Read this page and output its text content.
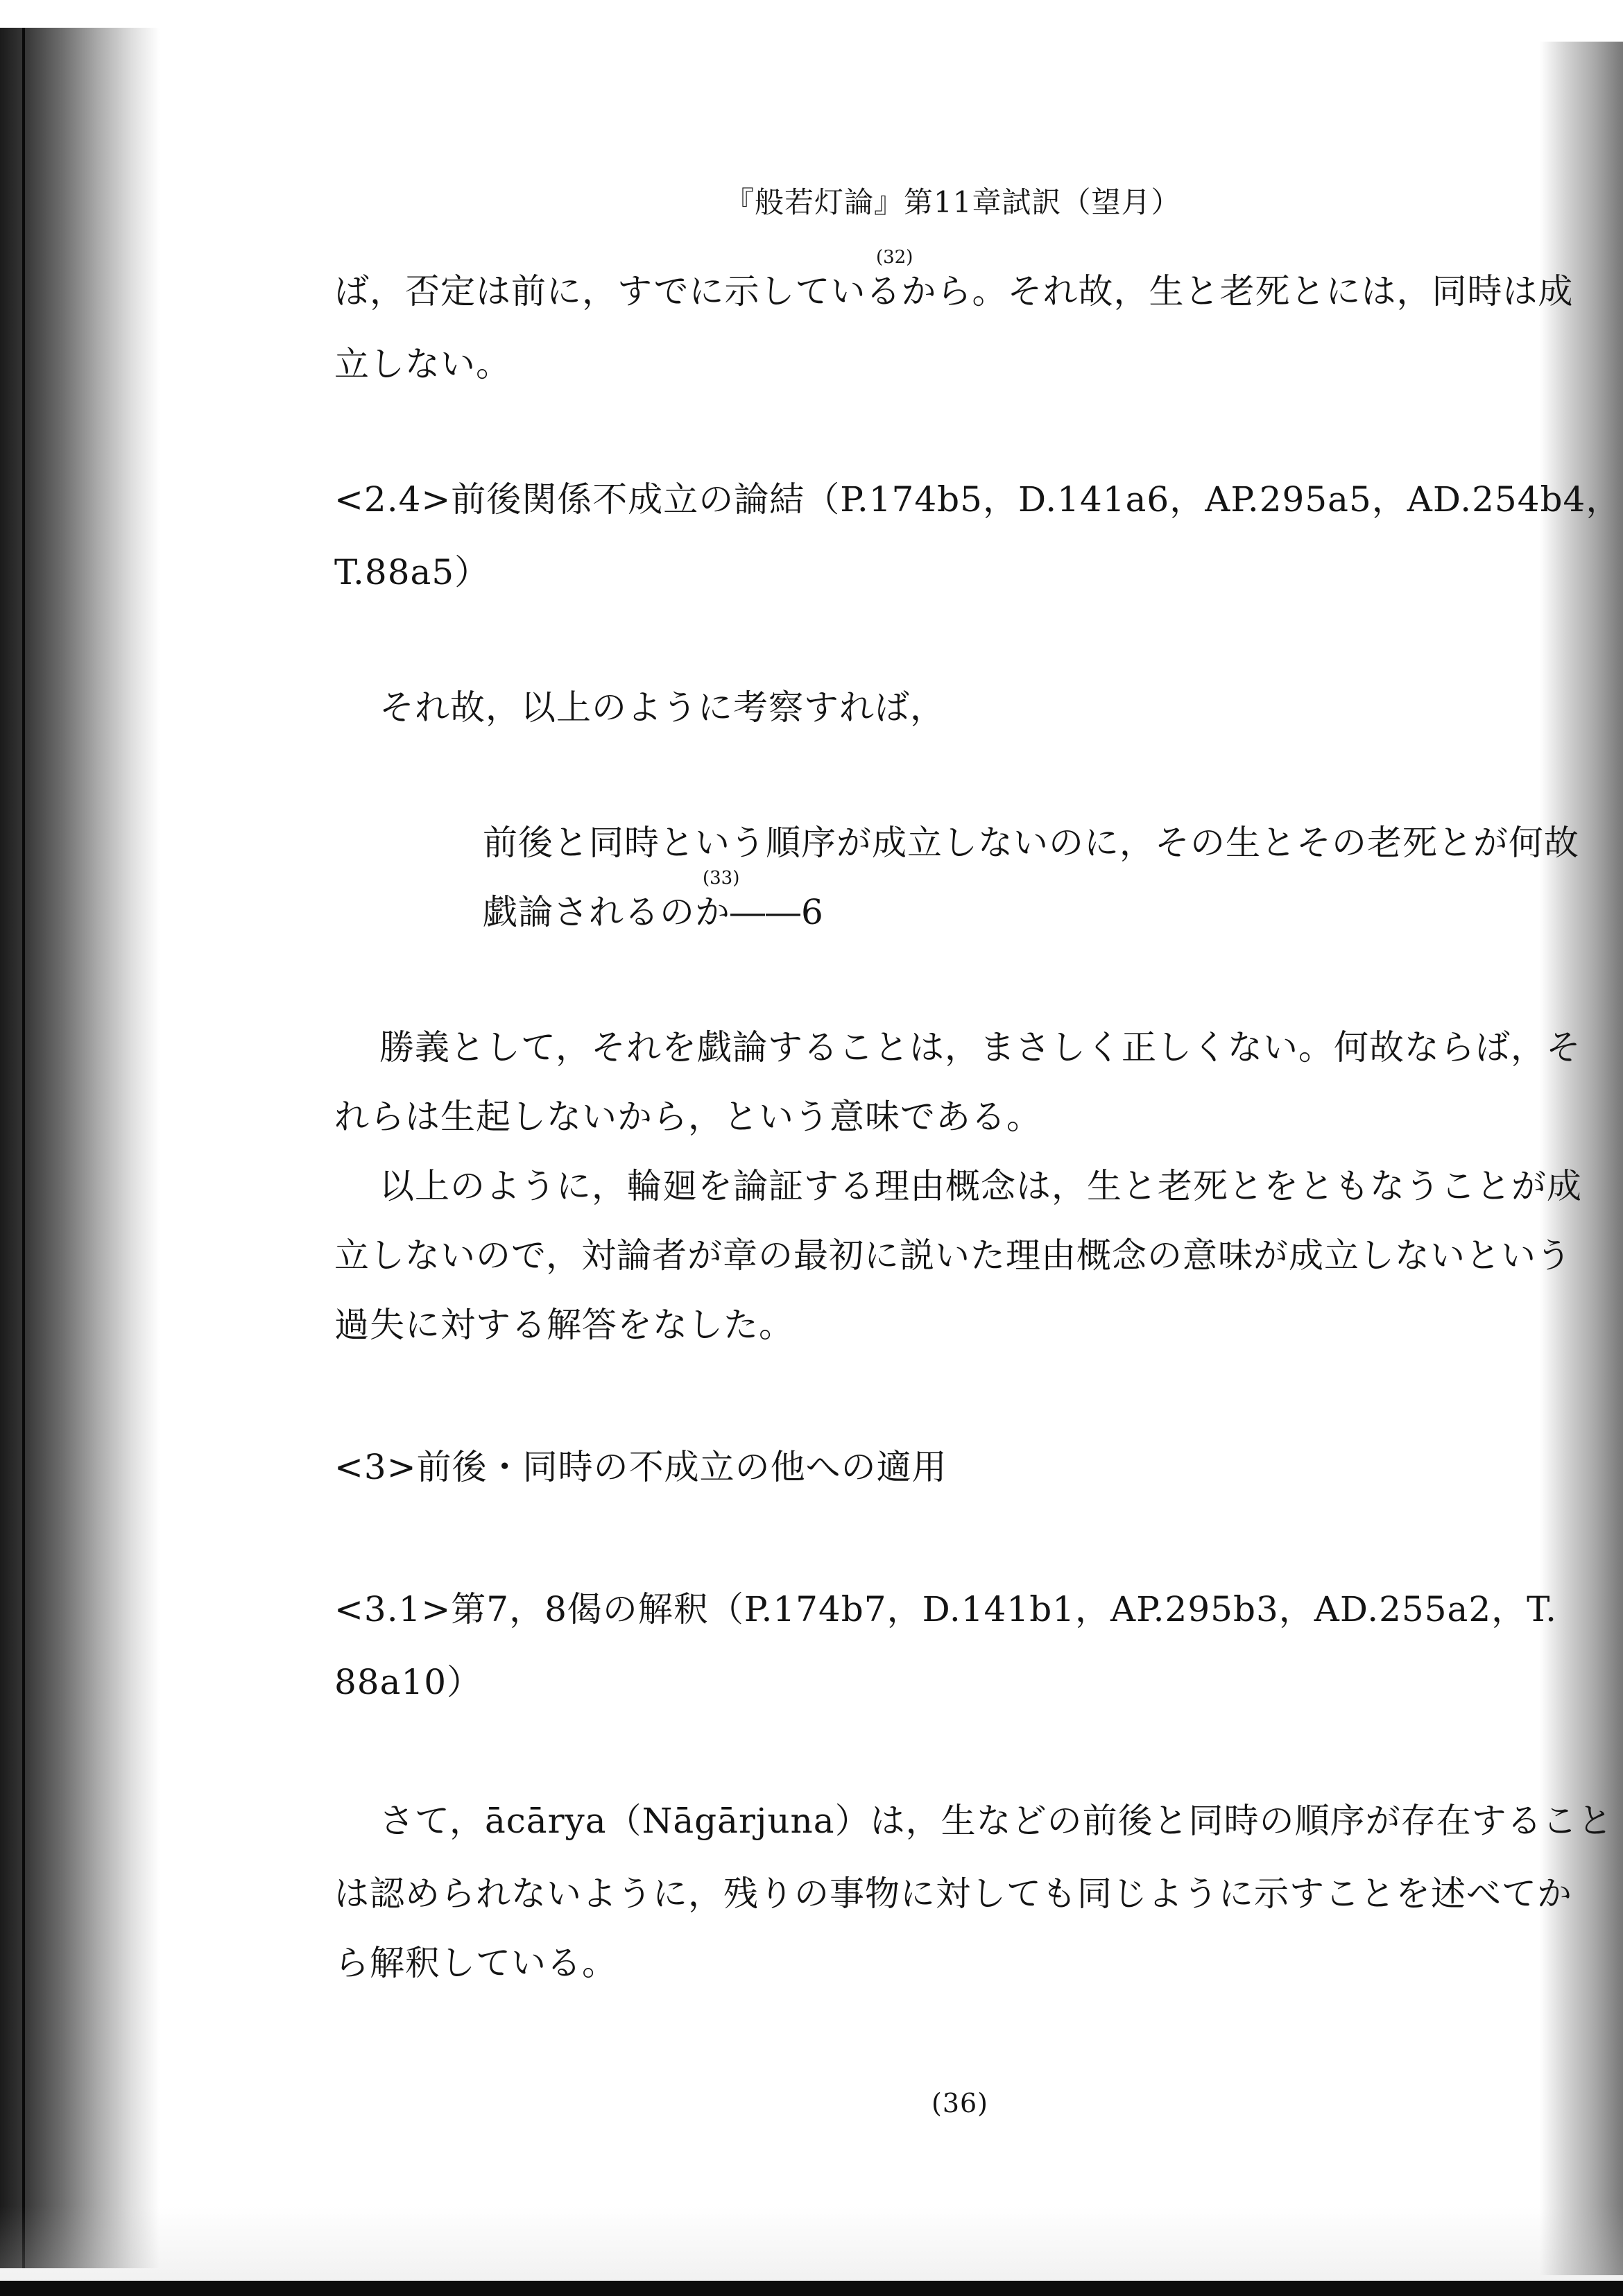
『般若灯論』第11章試訳（望月）
(32)
ば，否定は前に，すでに示しているから。それ故，生と老死とには，同時は成
立しない。
<2.4>前後関係不成立の論結（P.174b5，D.141a6，AP.295a5，AD.254b4，
T.88a5）
それ故，以上のように考察すれば，
前後と同時という順序が成立しないのに，その生とその老死とが何故
(33)
戯論されるのか――6
勝義として，それを戯論することは，まさしく正しくない。何故ならば，そ
れらは生起しないから，という意味である。
以上のように，輪廻を論証する理由概念は，生と老死とをともなうことが成
立しないので，対論者が章の最初に説いた理由概念の意味が成立しないという
過失に対する解答をなした。
<3>前後・同時の不成立の他への適用
<3.1>第7，8偈の解釈（P.174b7，D.141b1，AP.295b3，AD.255a2，T.
88a10）
さて，ācārya（Nāgārjuna）は，生などの前後と同時の順序が存在すること
は認められないように，残りの事物に対しても同じように示すことを述べてか
ら解釈している。
(36)
